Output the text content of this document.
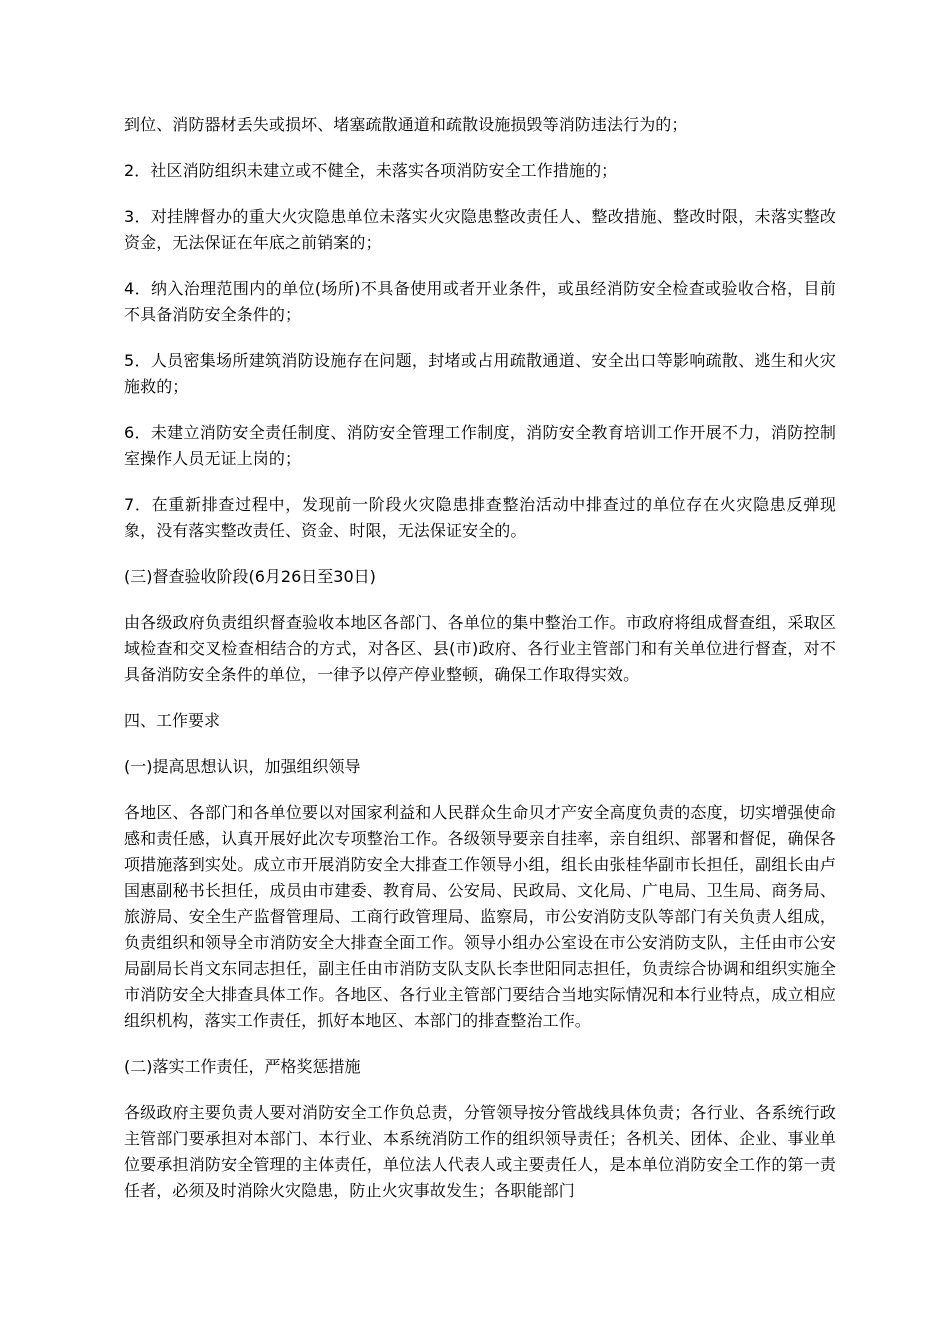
到位、消防器材丢失或损坏、堵塞疏散通道和疏散设施损毁等消防违法行为的；

2．社区消防组织未建立或不健全，未落实各项消防安全工作措施的；

3．对挂牌督办的重大火灾隐患单位未落实火灾隐患整改责任人、整改措施、整改时限，未落实整改资金，无法保证在年底之前销案的；

4．纳入治理范围内的单位(场所)不具备使用或者开业条件，或虽经消防安全检查或验收合格，目前不具备消防安全条件的；

5．人员密集场所建筑消防设施存在问题，封堵或占用疏散通道、安全出口等影响疏散、逃生和火灾施救的；

6．未建立消防安全责任制度、消防安全管理工作制度，消防安全教育培训工作开展不力，消防控制室操作人员无证上岗的；

7．在重新排查过程中，发现前一阶段火灾隐患排查整治活动中排查过的单位存在火灾隐患反弹现象，没有落实整改责任、资金、时限，无法保证安全的。

(三)督查验收阶段(6月26日至30日)

由各级政府负责组织督查验收本地区各部门、各单位的集中整治工作。市政府将组成督查组，采取区域检查和交叉检查相结合的方式，对各区、县(市)政府、各行业主管部门和有关单位进行督查，对不具备消防安全条件的单位，一律予以停产停业整顿，确保工作取得实效。

四、工作要求

(一)提高思想认识，加强组织领导

各地区、各部门和各单位要以对国家利益和人民群众生命贝才产安全高度负责的态度，切实增强使命感和责任感，认真开展好此次专项整治工作。各级领导要亲自挂率，亲自组织、部署和督促，确保各项措施落到实处。成立市开展消防安全大排查工作领导小组，组长由张桂华副市长担任，副组长由卢国惠副秘书长担任，成员由市建委、教育局、公安局、民政局、文化局、广电局、卫生局、商务局、旅游局、安全生产监督管理局、工商行政管理局、监察局，市公安消防支队等部门有关负责人组成，负责组织和领导全市消防安全大排查全面工作。领导小组办公室设在市公安消防支队，主任由市公安局副局长肖文东同志担任，副主任由市消防支队支队长李世阳同志担任，负责综合协调和组织实施全市消防安全大排查具体工作。各地区、各行业主管部门要结合当地实际情况和本行业特点，成立相应组织机构，落实工作责任，抓好本地区、本部门的排查整治工作。

(二)落实工作责任，严格奖惩措施

各级政府主要负责人要对消防安全工作负总责，分管领导按分管战线具体负责；各行业、各系统行政主管部门要承担对本部门、本行业、本系统消防工作的组织领导责任；各机关、团体、企业、事业单位要承担消防安全管理的主体责任，单位法人代表人或主要责任人，是本单位消防安全工作的第一责任者，必须及时消除火灾隐患，防止火灾事故发生；各职能部门
